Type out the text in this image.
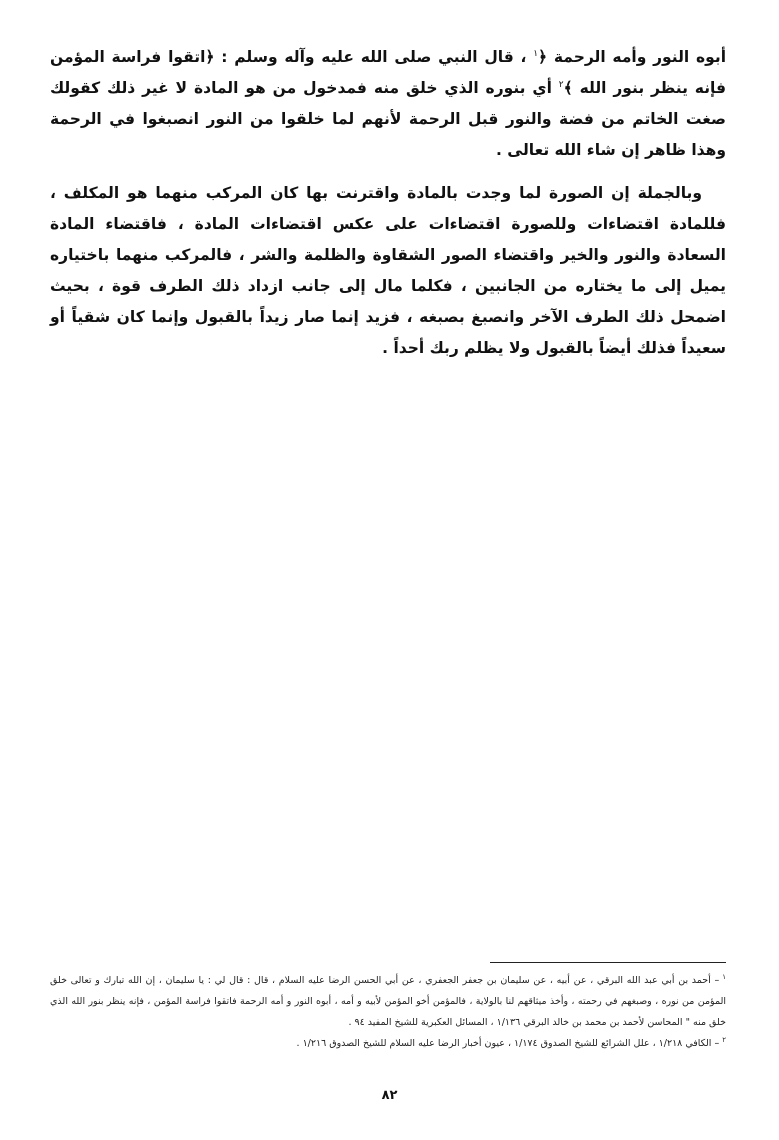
أبوه النور وأمه الرحمة ﴿$^١$ ، قال النبي صلى الله عليه وآله وسلم : ﴿اتقوا فراسة المؤمن فإنه ينظر بنور الله ﴾$^٢$ أي بنوره الذي خلق منه فمدخول من هو المادة لا غير ذلك كقولك صغت الخاتم من فضة والنور قبل الرحمة لأنهم لما خلقوا من النور انصبغوا في الرحمة وهذا ظاهر إن شاء الله تعالى .

وبالجملة إن الصورة لما وجدت بالمادة واقترنت بها كان المركب منهما هو المكلف ، فللمادة اقتضاءات وللصورة اقتضاءات على عكس اقتضاءات المادة ، فاقتضاء المادة السعادة والنور والخير واقتضاء الصور الشقاوة والظلمة والشر ، فالمركب منهما باختياره يميل إلى ما يختاره من الجانبين ، فكلما مال إلى جانب ازداد ذلك الطرف قوة ، بحيث اضمحل ذلك الطرف الآخر وانصبغ بصبغه ، فزيد إنما صار زيداً بالقبول وإنما كان شقياً أو سعيداً فذلك أيضاً بالقبول ولا يظلم ربك أحداً .

$^١$– أحمد بن أبي عبد الله البرقي ، عن أبيه ، عن سليمان بن جعفر الجعفري ، عن أبي الحسن الرضا عليه السلام ، قال : قال لي : يا سليمان ، إن الله تبارك و تعالى خلق المؤمن من نوره ، وصبغهم في رحمته ، وأخذ ميثاقهم لنا بالولاية ، فالمؤمن أخو المؤمن لأبيه و أمه ، أبوه النور و أمه الرحمة فاتقوا فراسة المؤمن ، فإنه ينظر بنور الله الذي خلق منه " المحاسن لأحمد بن محمد بن خالد البرقي ١/١٣٦ ، المسائل العكبرية للشيخ المفيد ٩٤ .

$^٢$– الكافي ١/٢١٨ ، علل الشرائع للشيخ الصدوق ١/١٧٤ ، عيون أخبار الرضا عليه السلام للشيخ الصدوق ١/٢١٦ .

٨٢
